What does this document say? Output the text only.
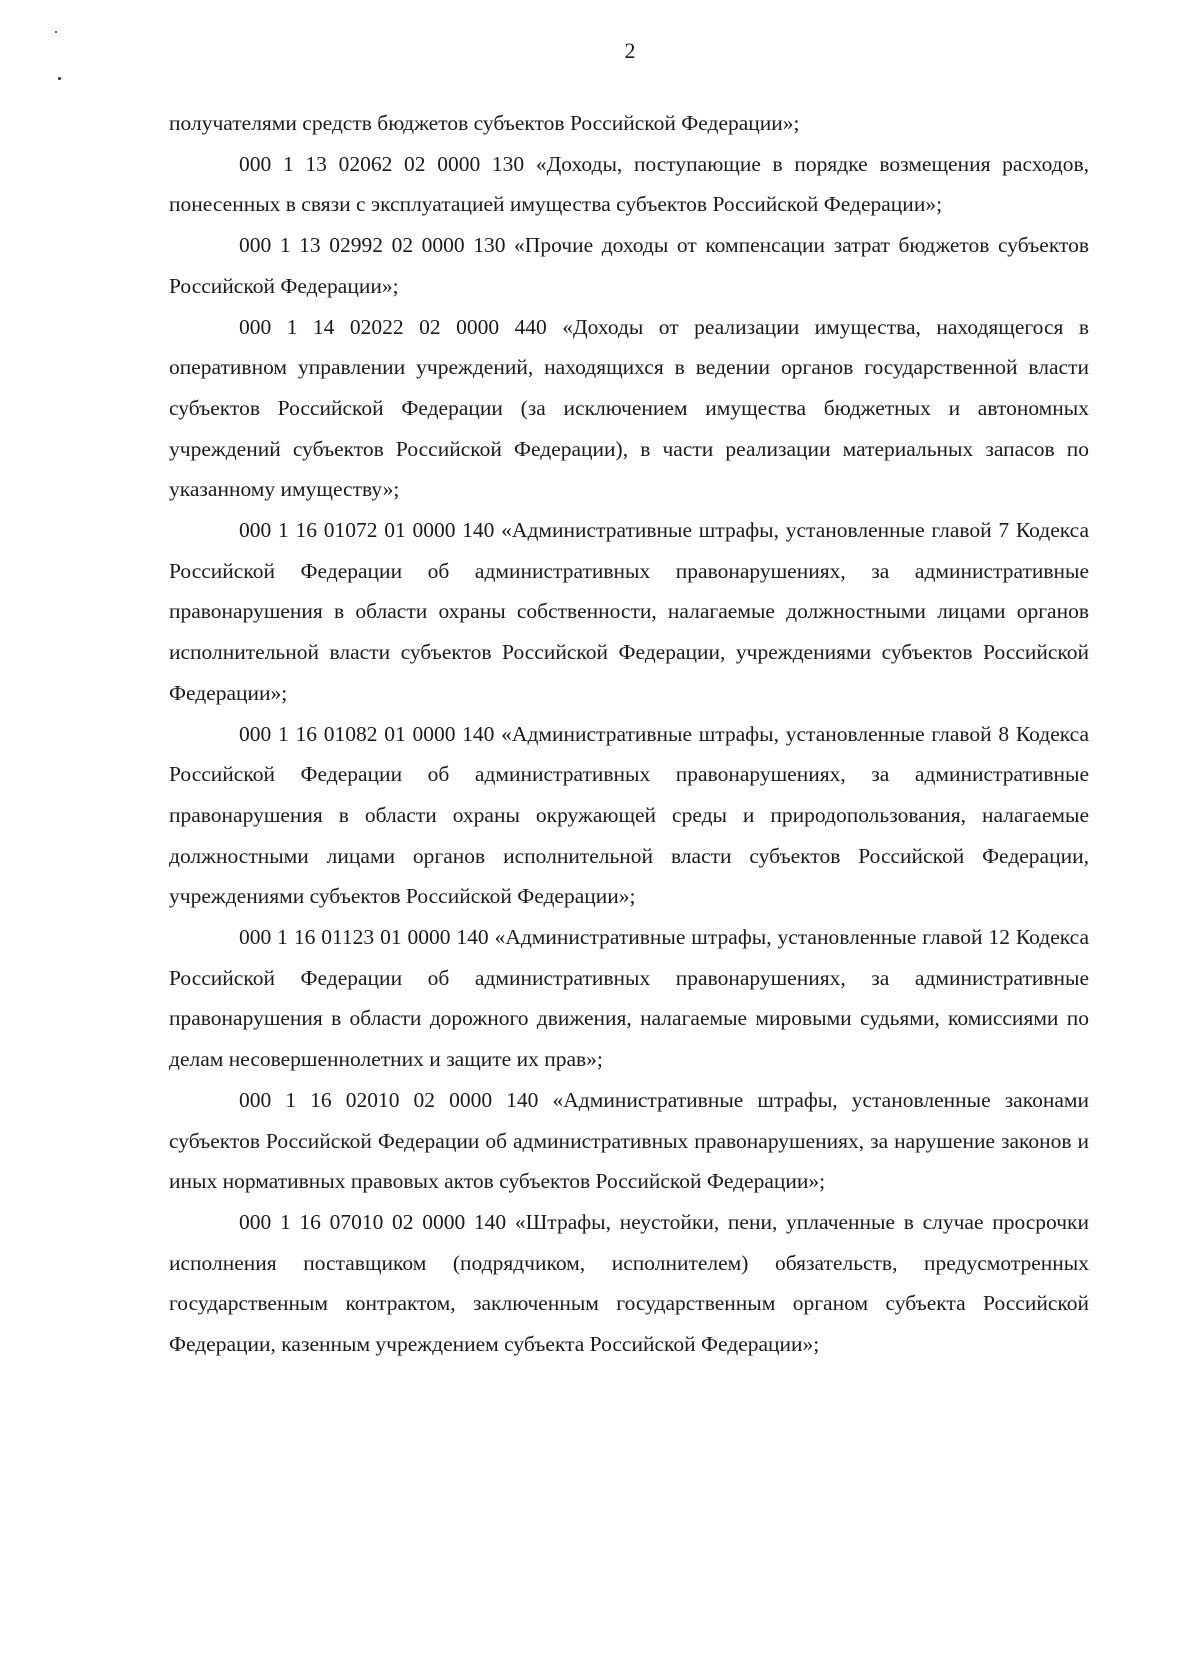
2

получателями средств бюджетов субъектов Российской Федерации»;

000 1 13 02062 02 0000 130 «Доходы, поступающие в порядке возмещения расходов, понесенных в связи с эксплуатацией имущества субъектов Российской Федерации»;

000 1 13 02992 02 0000 130 «Прочие доходы от компенсации затрат бюджетов субъектов Российской Федерации»;

000 1 14 02022 02 0000 440 «Доходы от реализации имущества, находящегося в оперативном управлении учреждений, находящихся в ведении органов государственной власти субъектов Российской Федерации (за исключением имущества бюджетных и автономных учреждений субъектов Российской Федерации), в части реализации материальных запасов по указанному имуществу»;

000 1 16 01072 01 0000 140 «Административные штрафы, установленные главой 7 Кодекса Российской Федерации об административных правонарушениях, за административные правонарушения в области охраны собственности, налагаемые должностными лицами органов исполнительной власти субъектов Российской Федерации, учреждениями субъектов Российской Федерации»;

000 1 16 01082 01 0000 140 «Административные штрафы, установленные главой 8 Кодекса Российской Федерации об административных правонарушениях, за административные правонарушения в области охраны окружающей среды и природопользования, налагаемые должностными лицами органов исполнительной власти субъектов Российской Федерации, учреждениями субъектов Российской Федерации»;

000 1 16 01123 01 0000 140 «Административные штрафы, установленные главой 12 Кодекса Российской Федерации об административных правонарушениях, за административные правонарушения в области дорожного движения, налагаемые мировыми судьями, комиссиями по делам несовершеннолетних и защите их прав»;

000 1 16 02010 02 0000 140 «Административные штрафы, установленные законами субъектов Российской Федерации об административных правонарушениях, за нарушение законов и иных нормативных правовых актов субъектов Российской Федерации»;

000 1 16 07010 02 0000 140 «Штрафы, неустойки, пени, уплаченные в случае просрочки исполнения поставщиком (подрядчиком, исполнителем) обязательств, предусмотренных государственным контрактом, заключенным государственным органом субъекта Российской Федерации, казенным учреждением субъекта Российской Федерации»;
